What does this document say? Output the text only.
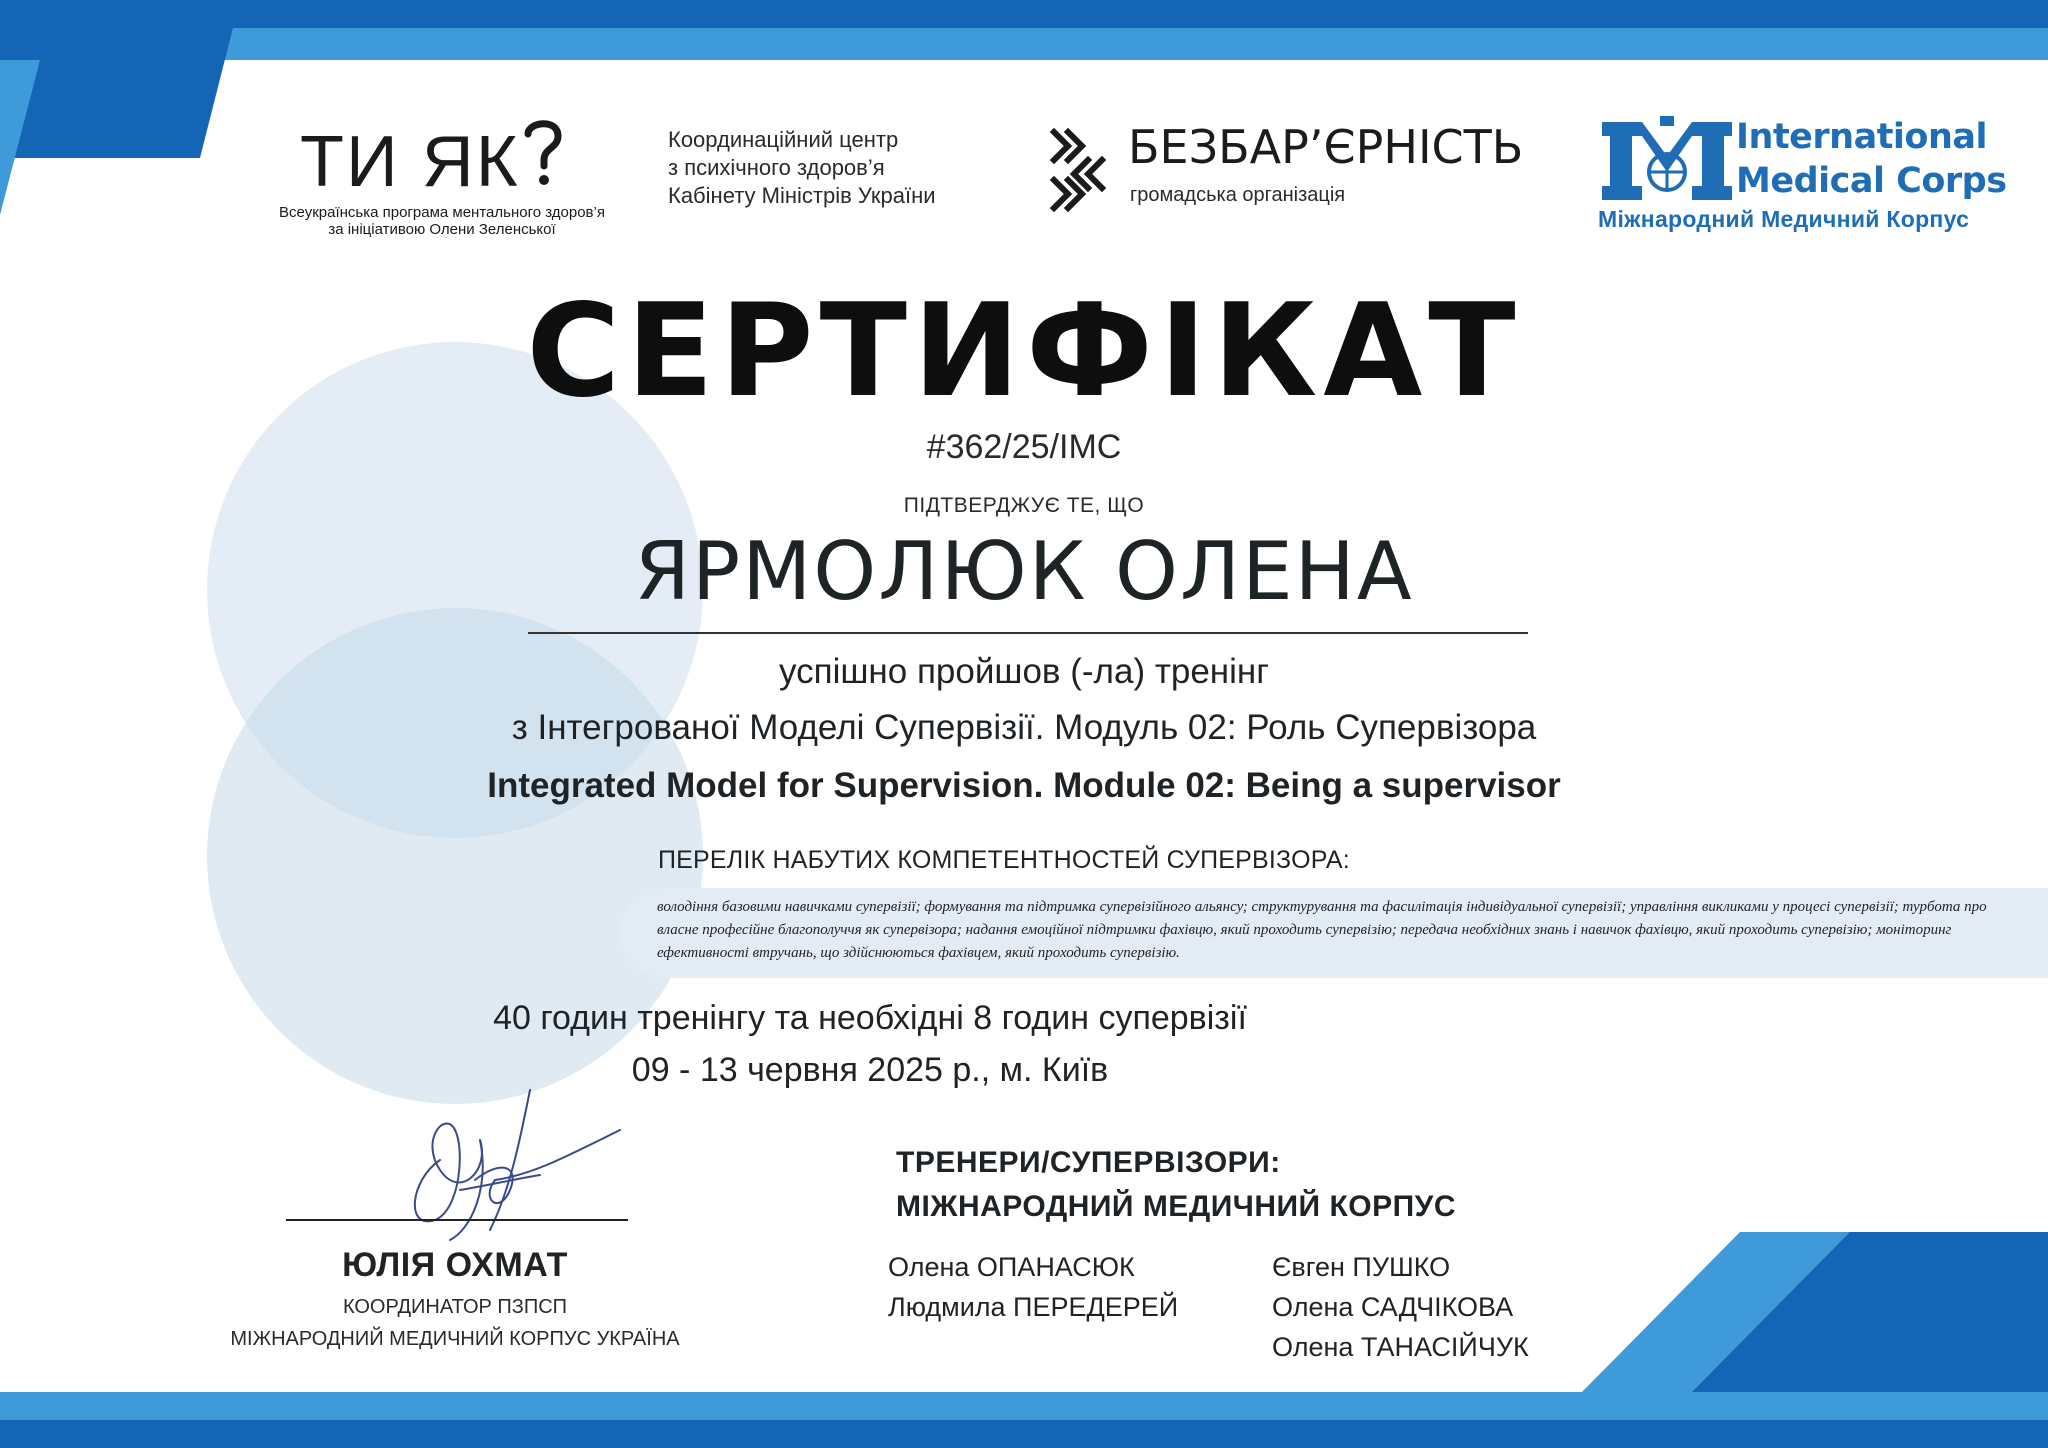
ТИ ЯК
Всеукраїнська програма ментального здоров’я
за ініціативою Олени Зеленської
Координаційний центр
з психічного здоров’я
Кабінету Міністрів України
БЕЗБАР’ЄРНІСТЬ
громадська організація
International
Medical Corps
Міжнародний Медичний Корпус
СЕРТИФІКАТ
#362/25/IMC
ПІДТВЕРДЖУЄ ТЕ, ЩО
ЯРМОЛЮК ОЛЕНА
успішно пройшов (-ла) тренінг
з Інтегрованої Моделі Супервізії. Модуль 02: Роль Супервізора
Integrated Model for Supervision. Module 02: Being a supervisor
ПЕРЕЛІК НАБУТИХ КОМПЕТЕНТНОСТЕЙ СУПЕРВІЗОРА:
володіння базовими навичками супервізії; формування та підтримка супервізійного альянсу; структурування та фасилітація індивідуальної супервізії; управління викликами у процесі супервізії; турбота про власне професійне благополуччя як супервізора; надання емоційної підтримки фахівцю, який проходить супервізію; передача необхідних знань і навичок фахівцю, який проходить супервізію; моніторинг ефективності втручань, що здійснюються фахівцем, який проходить супервізію.
40 годин тренінгу та необхідні 8 годин супервізії
09 - 13 червня 2025 р., м. Київ
ЮЛІЯ ОХМАТ
КООРДИНАТОР ПЗПСП
МІЖНАРОДНИЙ МЕДИЧНИЙ КОРПУС УКРАЇНА
ТРЕНЕРИ/СУПЕРВІЗОРИ:
МІЖНАРОДНИЙ МЕДИЧНИЙ КОРПУС
Олена ОПАНАСЮК
Людмила ПЕРЕДЕРЕЙ
Євген ПУШКО
Олена САДЧІКОВА
Олена ТАНАСІЙЧУК
